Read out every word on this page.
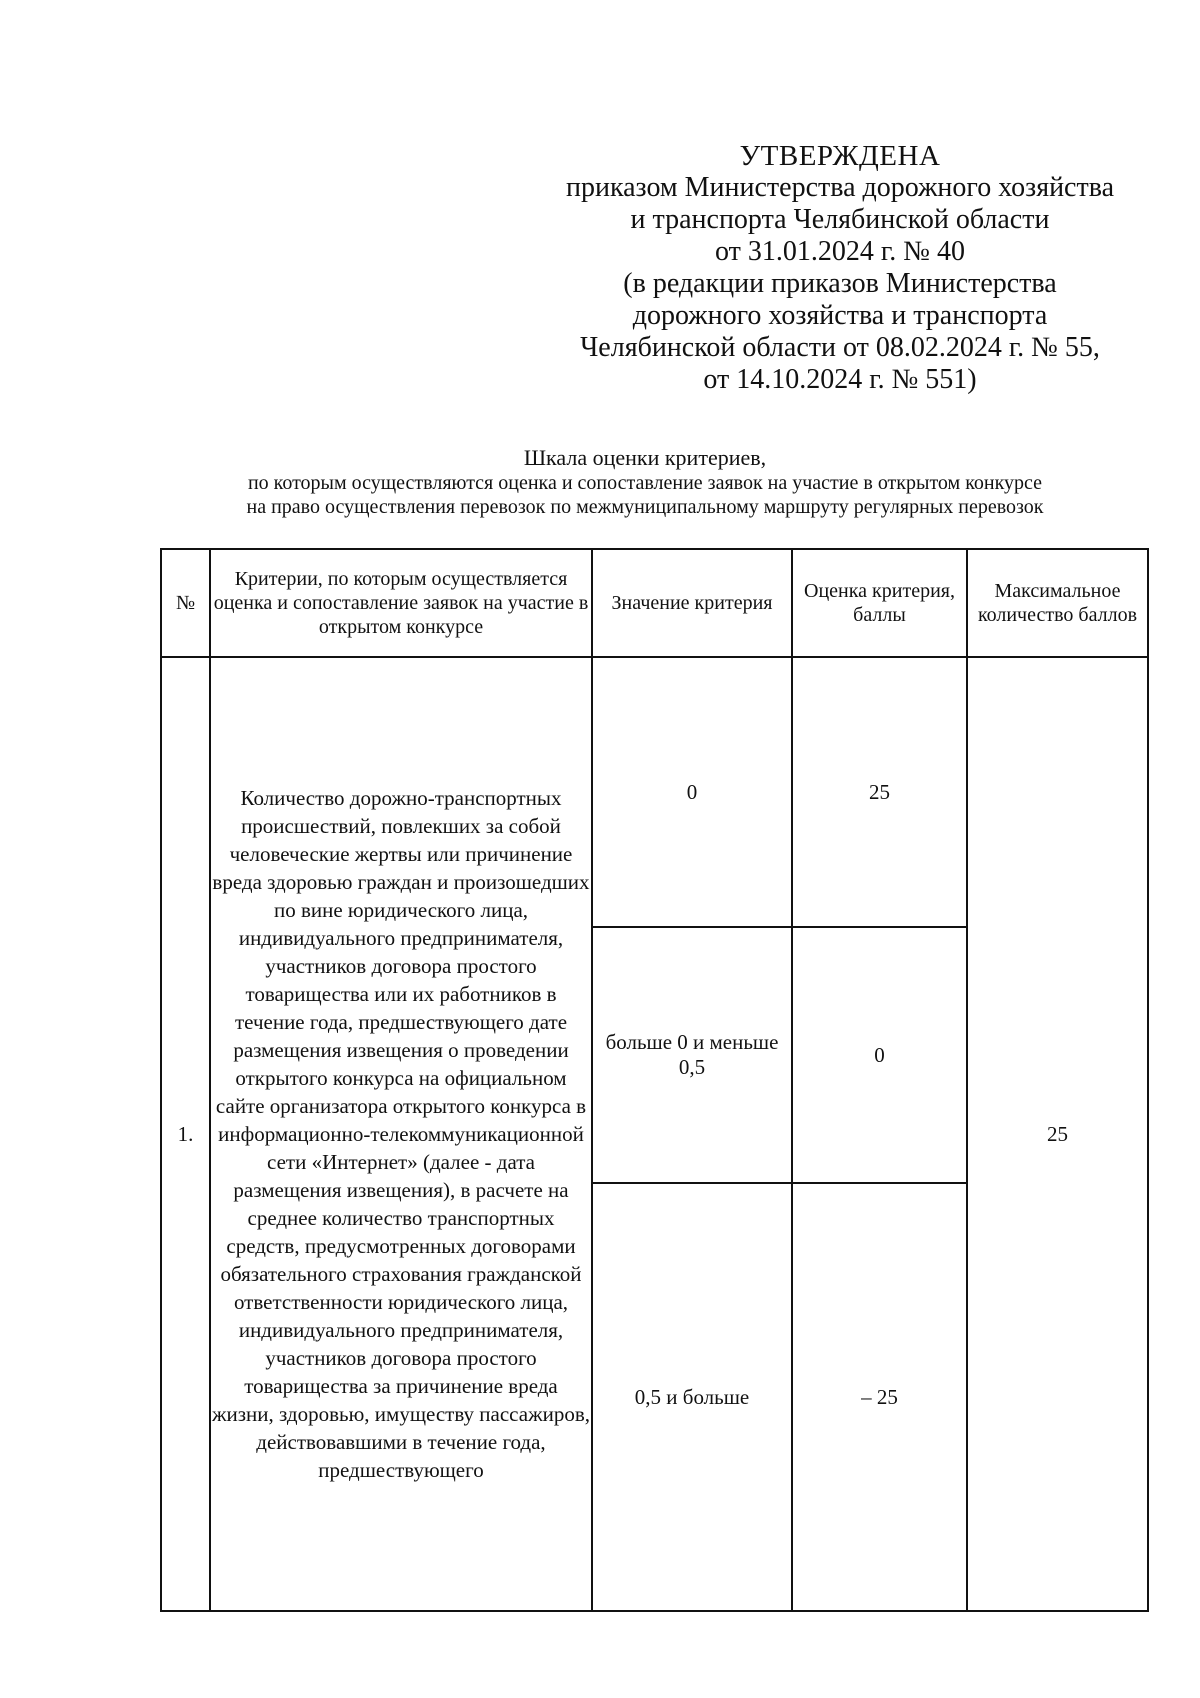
УТВЕРЖДЕНА
приказом Министерства дорожного хозяйства
и транспорта Челябинской области
от 31.01.2024 г. № 40
(в редакции приказов Министерства
дорожного хозяйства и транспорта
Челябинской области от 08.02.2024 г. № 55,
от 14.10.2024 г. № 551)
Шкала оценки критериев,
по которым осуществляются оценка и сопоставление заявок на участие в открытом конкурсе
на право осуществления перевозок по межмуниципальному маршруту регулярных перевозок
№	Критерии, по которым осуществляется оценка и сопоставление заявок на участие в открытом конкурсе	Значение критерия	Оценка критерия, баллы	Максимальное количество баллов
1.	Количество дорожно-транспортных происшествий, повлекших за собой человеческие жертвы или причинение вреда здоровью граждан и произошедших по вине юридического лица, индивидуального предпринимателя, участников договора простого товарищества или их работников в течение года, предшествующего дате размещения извещения о проведении открытого конкурса на официальном сайте организатора открытого конкурса в информационно-телекоммуникационной сети «Интернет» (далее - дата размещения извещения), в расчете на среднее количество транспортных средств, предусмотренных договорами обязательного страхования гражданской ответственности юридического лица, индивидуального предпринимателя, участников договора простого товарищества за причинение вреда жизни, здоровью, имуществу пассажиров, действовавшими в течение года, предшествующего	0	25	25
		больше 0 и меньше 0,5	0	
		0,5 и больше	– 25	
